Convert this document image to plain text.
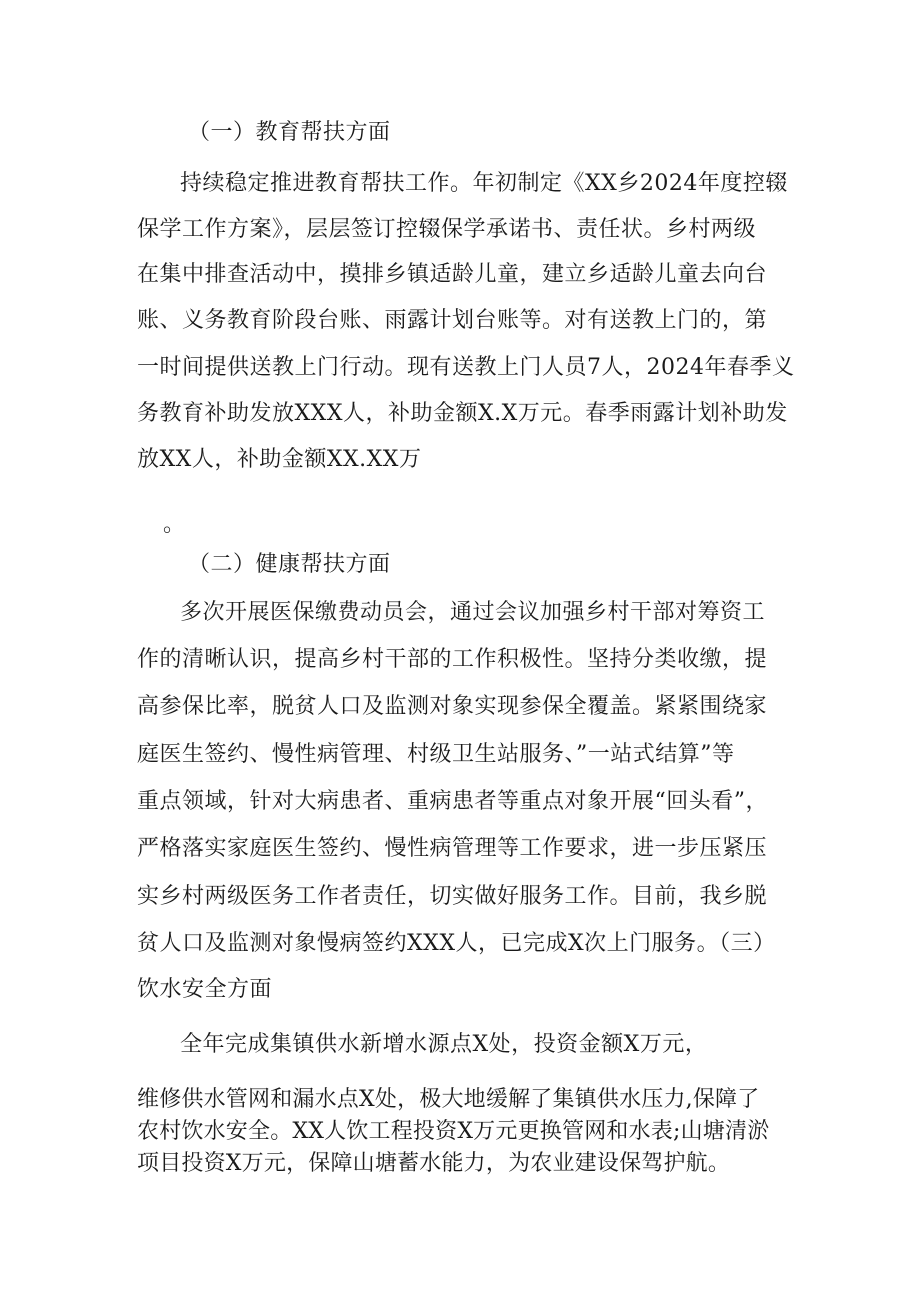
（一）教育帮扶方面
持续稳定推进教育帮扶工作。年初制定《XX乡2024年度控辍
保学工作方案》，层层签订控辍保学承诺书、责任状。乡村两级
在集中排查活动中，摸排乡镇适龄儿童，建立乡适龄儿童去向台
账、义务教育阶段台账、雨露计划台账等。对有送教上门的，第
一时间提供送教上门行动。现有送教上门人员7人，2024年春季义
务教育补助发放XXX人，补助金额X.X万元。春季雨露计划补助发
放XX人，补助金额XX.XX万
。
（二）健康帮扶方面
多次开展医保缴费动员会，通过会议加强乡村干部对筹资工
作的清晰认识，提高乡村干部的工作积极性。坚持分类收缴，提
高参保比率，脱贫人口及监测对象实现参保全覆盖。紧紧围绕家
庭医生签约、慢性病管理、村级卫生站服务、”一站式结算”等
重点领域，针对大病患者、重病患者等重点对象开展“回头看”，
严格落实家庭医生签约、慢性病管理等工作要求，进一步压紧压
实乡村两级医务工作者责任，切实做好服务工作。目前，我乡脱
贫人口及监测对象慢病签约XXX人，已完成X次上门服务。（三）
饮水安全方面
全年完成集镇供水新增水源点X处，投资金额X万元，
维修供水管网和漏水点X处，极大地缓解了集镇供水压力,保障了
农村饮水安全。XX人饮工程投资X万元更换管网和水表;山塘清淤
项目投资X万元，保障山塘蓄水能力，为农业建设保驾护航。
